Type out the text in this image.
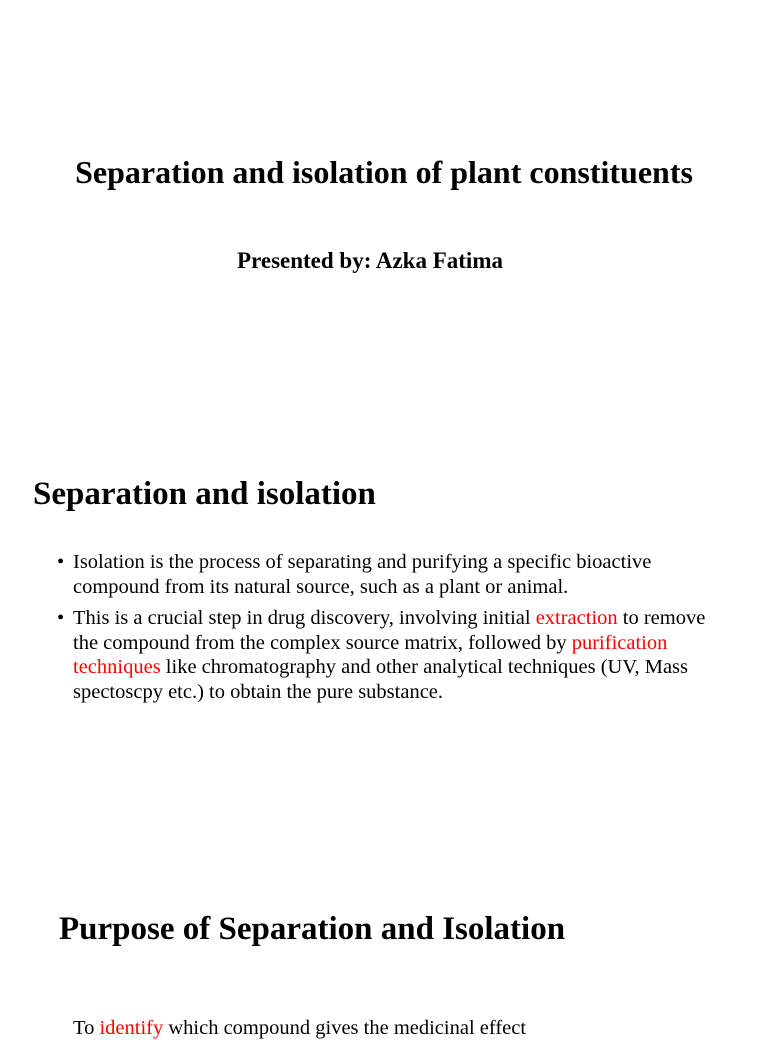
Separation and isolation of plant constituents
Presented by: Azka Fatima
Separation and isolation
• Isolation is the process of separating and purifying a specific bioactive compound from its natural source, such as a plant or animal.
• This is a crucial step in drug discovery, involving initial extraction to remove the compound from the complex source matrix, followed by purification techniques like chromatography and other analytical techniques (UV, Mass spectoscpy etc.) to obtain the pure substance.
Purpose of Separation and Isolation
To identify which compound gives the medicinal effect
